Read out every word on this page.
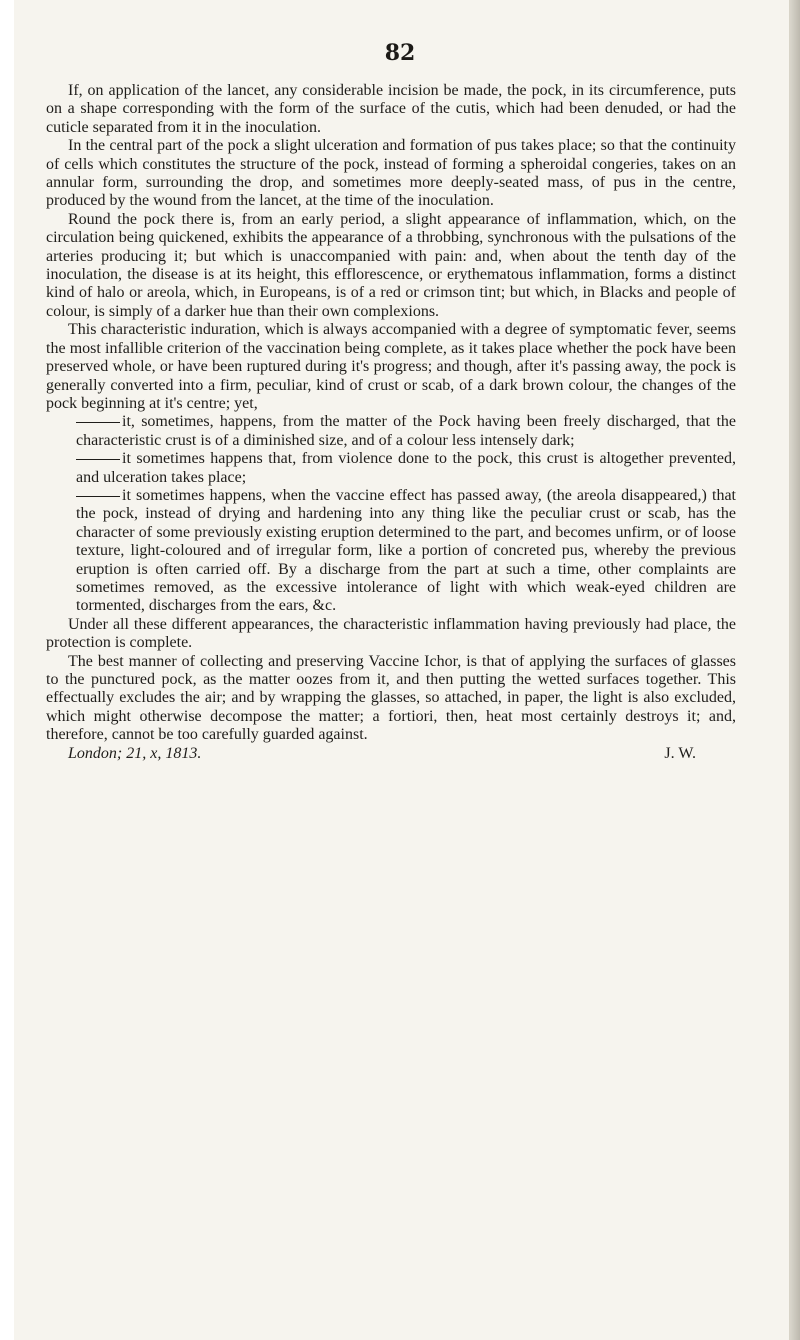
82

If, on application of the lancet, any considerable incision be made, the pock, in its circumference, puts on a shape corresponding with the form of the surface of the cutis, which had been denuded, or had the cuticle separated from it in the inoculation.

In the central part of the pock a slight ulceration and formation of pus takes place; so that the continuity of cells which constitutes the structure of the pock, instead of forming a spheroidal congeries, takes on an annular form, surrounding the drop, and sometimes more deeply-seated mass, of pus in the centre, produced by the wound from the lancet, at the time of the inoculation.

Round the pock there is, from an early period, a slight appearance of inflammation, which, on the circulation being quickened, exhibits the appearance of a throbbing, synchronous with the pulsations of the arteries producing it; but which is unaccompanied with pain: and, when about the tenth day of the inoculation, the disease is at its height, this efflorescence, or erythematous inflammation, forms a distinct kind of halo or areola, which, in Europeans, is of a red or crimson tint; but which, in Blacks and people of colour, is simply of a darker hue than their own complexions.

This characteristic induration, which is always accompanied with a degree of symptomatic fever, seems the most infallible criterion of the vaccination being complete, as it takes place whether the pock have been preserved whole, or have been ruptured during it's progress; and though, after it's passing away, the pock is generally converted into a firm, peculiar, kind of crust or scab, of a dark brown colour, the changes of the pock beginning at it's centre; yet,

it, sometimes, happens, from the matter of the Pock having been freely discharged, that the characteristic crust is of a diminished size, and of a colour less intensely dark;

it sometimes happens that, from violence done to the pock, this crust is altogether prevented, and ulceration takes place;

it sometimes happens, when the vaccine effect has passed away, (the areola disappeared,) that the pock, instead of drying and hardening into any thing like the peculiar crust or scab, has the character of some previously existing eruption determined to the part, and becomes unfirm, or of loose texture, light-coloured and of irregular form, like a portion of concreted pus, whereby the previous eruption is often carried off. By a discharge from the part at such a time, other complaints are sometimes removed, as the excessive intolerance of light with which weak-eyed children are tormented, discharges from the ears, &c.

Under all these different appearances, the characteristic inflammation having previously had place, the protection is complete.

The best manner of collecting and preserving Vaccine Ichor, is that of applying the surfaces of glasses to the punctured pock, as the matter oozes from it, and then putting the wetted surfaces together. This effectually excludes the air; and by wrapping the glasses, so attached, in paper, the light is also excluded, which might otherwise decompose the matter; a fortiori, then, heat most certainly destroys it; and, therefore, cannot be too carefully guarded against.

London; 21, x, 1813.	J. W.
